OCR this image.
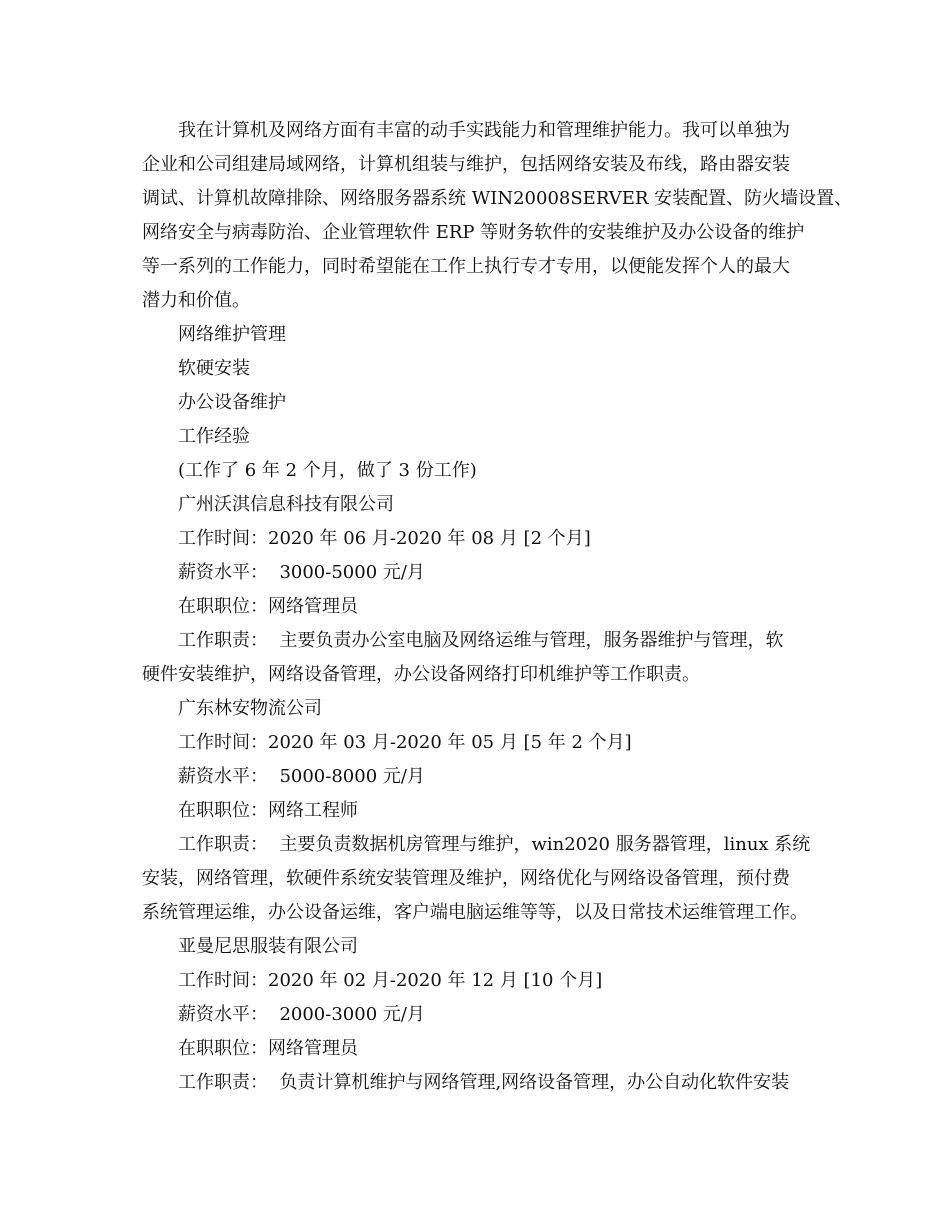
我在计算机及网络方面有丰富的动手实践能力和管理维护能力。我可以单独为
企业和公司组建局域网络，计算机组装与维护，包括网络安装及布线，路由器安装
调试、计算机故障排除、网络服务器系统 WIN20008SERVER 安装配置、防火墙设置、
网络安全与病毒防治、企业管理软件 ERP 等财务软件的安装维护及办公设备的维护
等一系列的工作能力，同时希望能在工作上执行专才专用，以便能发挥个人的最大
潜力和价值。
网络维护管理
软硬安装
办公设备维护
工作经验
(工作了 6 年 2 个月，做了 3 份工作)
广州沃淇信息科技有限公司
工作时间：2020 年 06 月-2020 年 08 月 [2 个月]
薪资水平：  3000-5000 元/月
在职职位：网络管理员
工作职责：  主要负责办公室电脑及网络运维与管理，服务器维护与管理，软
硬件安装维护，网络设备管理，办公设备网络打印机维护等工作职责。
广东林安物流公司
工作时间：2020 年 03 月-2020 年 05 月 [5 年 2 个月]
薪资水平：  5000-8000 元/月
在职职位：网络工程师
工作职责：  主要负责数据机房管理与维护，win2020 服务器管理，linux 系统
安装，网络管理，软硬件系统安装管理及维护，网络优化与网络设备管理，预付费
系统管理运维，办公设备运维，客户端电脑运维等等，以及日常技术运维管理工作。
亚曼尼思服装有限公司
工作时间：2020 年 02 月-2020 年 12 月 [10 个月]
薪资水平：  2000-3000 元/月
在职职位：网络管理员
工作职责：  负责计算机维护与网络管理,网络设备管理，办公自动化软件安装
